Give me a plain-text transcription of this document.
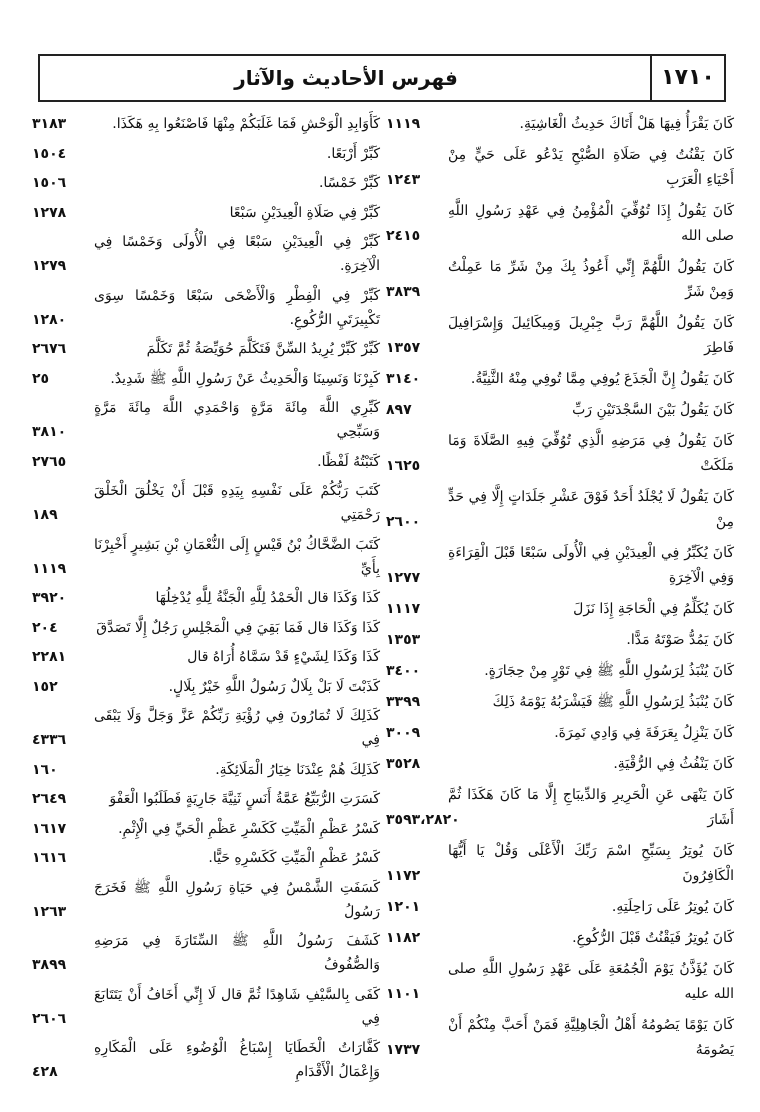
١٧١٠
فهرس الأحاديث والآثار
كَانَ يَقْرَأُ فِيهَا هَلْ أَتَاكَ حَدِيثُ الْغَاشِيَةِ.
١١١٩
كَانَ يَقْنُتُ فِي صَلَاةِ الصُّبْحِ يَدْعُو عَلَى حَيٍّ مِنْ أَحْيَاءِ الْعَرَبِ
١٢٤٣
كَانَ يَقُولُ إِذَا تُوُفِّيَ الْمُؤْمِنُ فِي عَهْدِ رَسُولِ اللَّهِ صلى الله
٢٤١٥
كَانَ يَقُولُ اللَّهُمَّ إِنِّي أَعُوذُ بِكَ مِنْ شَرِّ مَا عَمِلْتُ وَمِنْ شَرِّ
٣٨٣٩
كَانَ يَقُولُ اللَّهُمَّ رَبَّ جِبْرِيلَ وَمِيكَائِيلَ وَإِسْرَافِيلَ فَاطِرَ
١٣٥٧
كَانَ يَقُولُ إِنَّ الْجَذَعَ يُوفِي مِمَّا تُوفِي مِنْهُ الثَّنِيَّةُ.
٣١٤٠
كَانَ يَقُولُ بَيْنَ السَّجْدَتَيْنِ رَبِّ
٨٩٧
كَانَ يَقُولُ فِي مَرَضِهِ الَّذِي تُوُفِّيَ فِيهِ الصَّلَاةَ وَمَا مَلَكَتْ
١٦٢٥
كَانَ يَقُولُ لَا يُجْلَدُ أَحَدٌ فَوْقَ عَشْرِ جَلَدَاتٍ إِلَّا فِي حَدٍّ مِنْ
٢٦٠٠
كَانَ يُكَبِّرُ فِي الْعِيدَيْنِ فِي الْأُولَى سَبْعًا قَبْلَ الْقِرَاءَةِ وَفِي الْآخِرَةِ
١٢٧٧
كَانَ يُكَلِّمُ فِي الْحَاجَةِ إِذَا نَزَلَ
١١١٧
كَانَ يَمُدُّ صَوْتَهُ مَدًّا.
١٣٥٣
كَانَ يُنْبَذُ لِرَسُولِ اللَّهِ ﷺ فِي تَوْرٍ مِنْ حِجَارَةٍ.
٣٤٠٠
كَانَ يُنْبَذُ لِرَسُولِ اللَّهِ ﷺ فَيَشْرَبُهُ يَوْمَهُ ذَلِكَ
٣٣٩٩
كَانَ يَنْزِلُ بِعَرَفَةَ فِي وَادِي نَمِرَةَ.
٣٠٠٩
كَانَ يَنْفُثُ فِي الرُّقْيَةِ.
٣٥٢٨
كَانَ يَنْهَى عَنِ الْحَرِيرِ وَالدِّيبَاجِ إِلَّا مَا كَانَ هَكَذَا ثُمَّ أَشَارَ
٣٥٩٣،٢٨٢٠
كَانَ يُوتِرُ بِسَبِّحِ اسْمَ رَبِّكَ الْأَعْلَى وَقُلْ يَا أَيُّهَا الْكَافِرُونَ
١١٧٢
كَانَ يُوتِرُ عَلَى رَاحِلَتِهِ.
١٢٠١
كَانَ يُوتِرُ فَيَقْنُتُ قَبْلَ الرُّكُوعِ.
١١٨٢
كَانَ يُؤَذَّنُ يَوْمَ الْجُمُعَةِ عَلَى عَهْدِ رَسُولِ اللَّهِ صلى الله عليه
١١٠١
كَانَ يَوْمًا يَصُومُهُ أَهْلُ الْجَاهِلِيَّةِ فَمَنْ أَحَبَّ مِنْكُمْ أَنْ يَصُومَهُ
١٧٣٧
كَأَوَابِدِ الْوَحْشِ فَمَا غَلَبَكُمْ مِنْهَا فَاصْنَعُوا بِهِ هَكَذَا.
٣١٨٣
كَبِّرْ أَرْبَعًا.
١٥٠٤
كَبِّرْ خَمْسًا.
١٥٠٦
كَبِّرْ فِي صَلَاةِ الْعِيدَيْنِ سَبْعًا
١٢٧٨
كَبِّرْ فِي الْعِيدَيْنِ سَبْعًا فِي الْأُولَى وَخَمْسًا فِي الْآخِرَةِ.
١٢٧٩
كَبِّرْ فِي الْفِطْرِ وَالْأَضْحَى سَبْعًا وَخَمْسًا سِوَى تَكْبِيرَتَيِ الرُّكُوعِ.
١٢٨٠
كَبِّرْ كَبِّرْ يُرِيدُ السِّنَّ فَتَكَلَّمَ حُوَيِّصَةُ ثُمَّ تَكَلَّمَ
٢٦٧٦
كَبِرْنَا وَنَسِينَا وَالْحَدِيثُ عَنْ رَسُولِ اللَّهِ ﷺ شَدِيدٌ.
٢٥
كَبِّرِي اللَّهَ مِائَةَ مَرَّةٍ وَاحْمَدِي اللَّهَ مِائَةَ مَرَّةٍ وَسَبِّحِي
٣٨١٠
كَتَبْتُهُ لَفْظًا.
٢٧٦٥
كَتَبَ رَبُّكُمْ عَلَى نَفْسِهِ بِيَدِهِ قَبْلَ أَنْ يَخْلُقَ الْخَلْقَ رَحْمَتِي
١٨٩
كَتَبَ الضَّحَّاكُ بْنُ قَيْسٍ إِلَى النُّعْمَانِ بْنِ بَشِيرٍ أَخْبِرْنَا بِأَيِّ
١١١٩
كَذَا وَكَذَا قال الْحَمْدُ لِلَّهِ الْجَنَّةُ لِلَّهِ يُدْخِلُهَا
٣٩٢٠
كَذَا وَكَذَا قال فَمَا بَقِيَ فِي الْمَجْلِسِ رَجُلٌ إِلَّا تَصَدَّقَ
٢٠٤
كَذَا وَكَذَا لِشَيْءٍ قَدْ سَمَّاهُ أُرَاهُ قال
٢٢٨١
كَذَبْتَ لَا بَلْ بِلَالٌ رَسُولُ اللَّهِ خَيْرٌ بِلَالٍ.
١٥٢
كَذَلِكَ لَا تُمَارُونَ فِي رُؤْيَةِ رَبِّكُمْ عَزَّ وَجَلَّ وَلَا يَبْقَى فِي
٤٣٣٦
كَذَلِكَ هُمْ عِنْدَنَا خِيَارُ الْمَلَائِكَةِ.
١٦٠
كَسَرَتِ الرُّبَيِّعُ عَمَّةُ أَنَسٍ ثَنِيَّةَ جَارِيَةٍ فَطَلَبُوا الْعَفْوَ
٢٦٤٩
كَسْرُ عَظْمِ الْمَيِّتِ كَكَسْرِ عَظْمِ الْحَيِّ فِي الْإِثْمِ.
١٦١٧
كَسْرُ عَظْمِ الْمَيِّتِ كَكَسْرِهِ حَيًّا.
١٦١٦
كَسَفَتِ الشَّمْسُ فِي حَيَاةِ رَسُولِ اللَّهِ ﷺ فَخَرَجَ رَسُولُ
١٢٦٣
كَشَفَ رَسُولُ اللَّهِ ﷺ السِّتَارَةَ فِي مَرَضِهِ وَالصُّفُوفُ
٣٨٩٩
كَفَى بِالسَّيْفِ شَاهِدًا ثُمَّ قال لَا إِنِّي أَخَافُ أَنْ يَتَتَابَعَ فِي
٢٦٠٦
كَفَّارَاتُ الْخَطَايَا إِسْبَاغُ الْوُضُوءِ عَلَى الْمَكَارِهِ وَإِعْمَالُ الْأَقْدَامِ
٤٢٨
